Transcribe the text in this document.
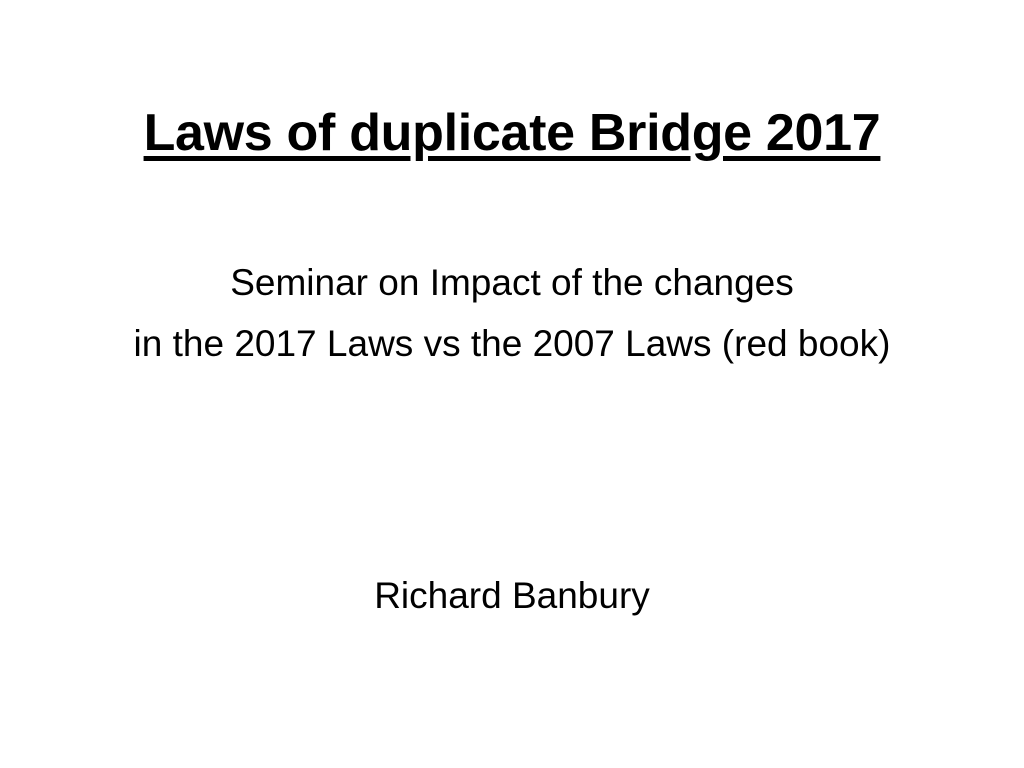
Laws of duplicate Bridge 2017
Seminar on Impact of the changes
in the 2017 Laws vs the 2007 Laws (red book)
Richard Banbury
